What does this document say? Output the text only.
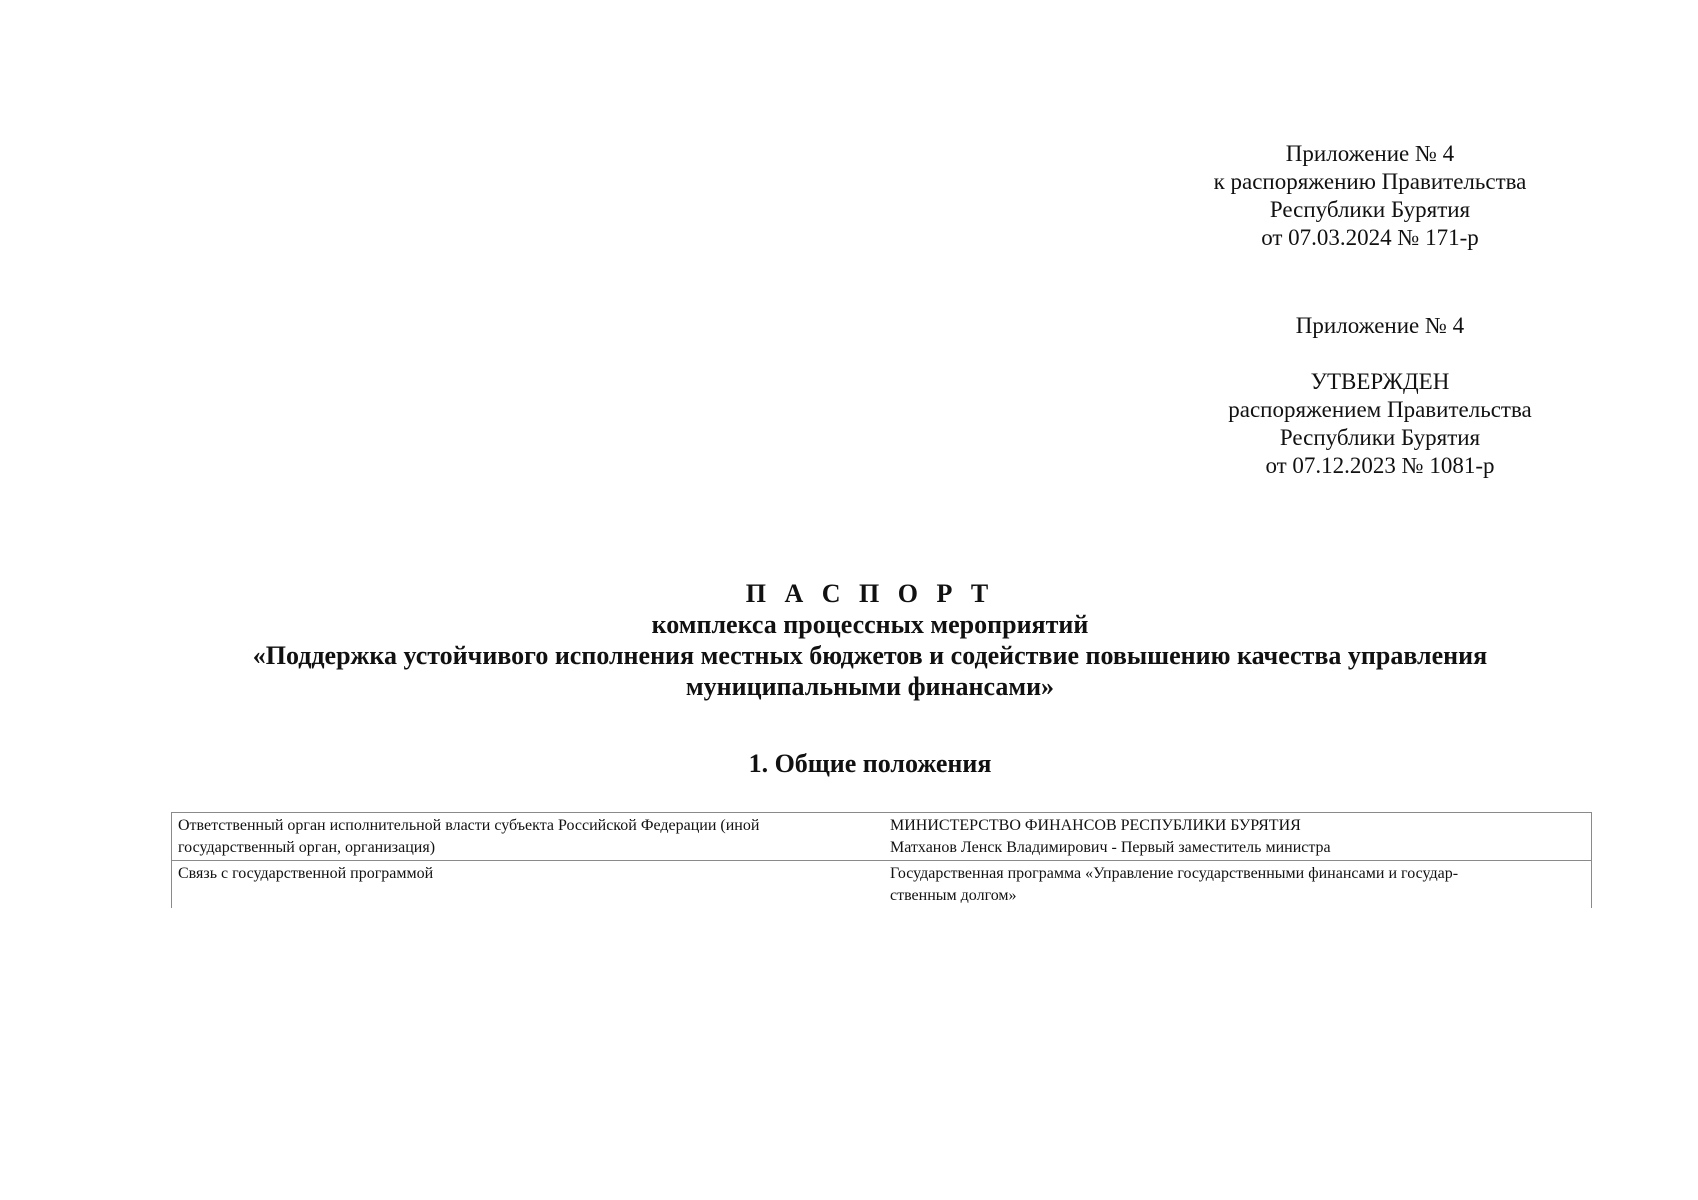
Приложение № 4
к распоряжению Правительства
Республики Бурятия
от 07.03.2024 № 171-р
Приложение № 4
УТВЕРЖДЕН
распоряжением Правительства
Республики Бурятия
от 07.12.2023 № 1081-р
П А С П О Р Т
комплекса процессных мероприятий
«Поддержка устойчивого исполнения местных бюджетов и содействие повышению качества управления
муниципальными финансами»
1. Общие положения
Ответственный орган исполнительной власти субъекта Российской Федерации (иной
государственный орган, организация)	МИНИСТЕРСТВО ФИНАНСОВ РЕСПУБЛИКИ БУРЯТИЯ
Матханов Ленск Владимирович - Первый заместитель министра

Связь с государственной программой	Государственная программа «Управление государственными финансами и государ-
ственным долгом»
